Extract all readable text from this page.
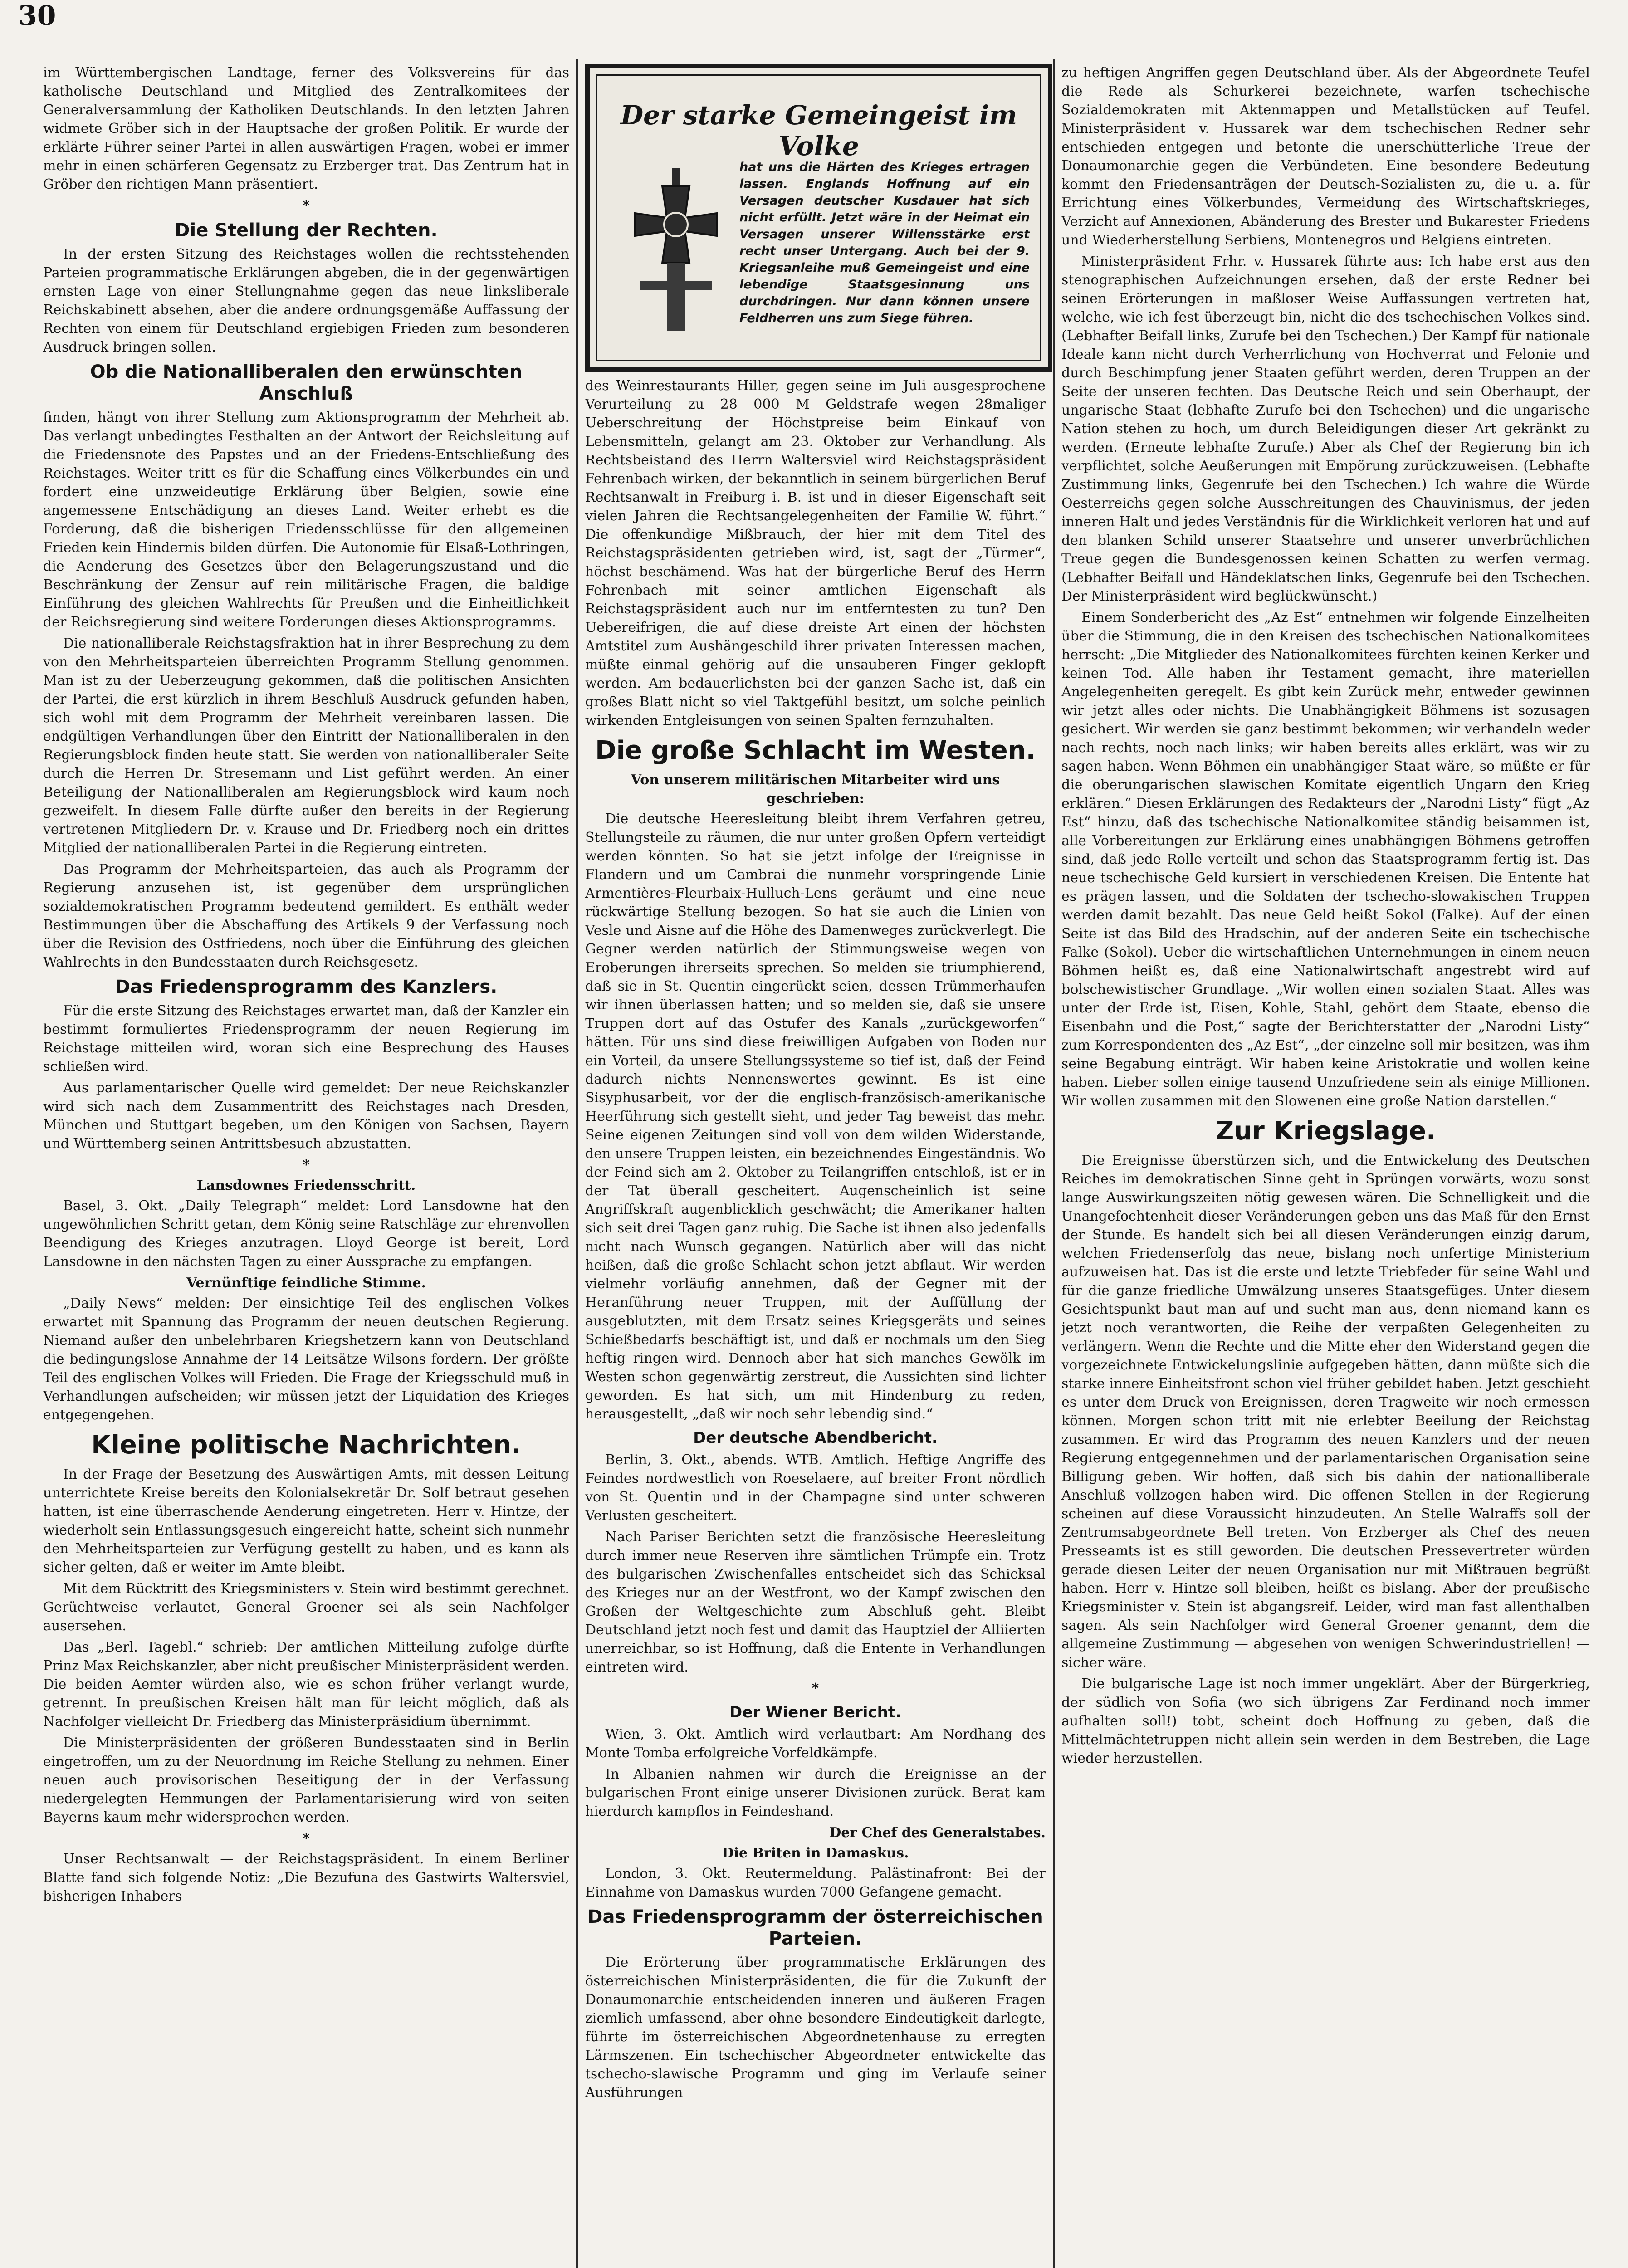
30

im Württembergischen Landtage, ferner des Volksvereins für das katholische Deutschland und Mitglied des Zentralkomitees der Generalversammlung der Katholiken Deutschlands. In den letzten Jahren widmete Gröber sich in der Hauptsache der großen Politik. Er wurde der erklärte Führer seiner Partei in allen auswärtigen Fragen, wobei er immer mehr in einen schärferen Gegensatz zu Erzberger trat. Das Zentrum hat in Gröber den richtigen Mann präsentiert.

*
Die Stellung der Rechten.

In der ersten Sitzung des Reichstages wollen die rechtsstehenden Parteien programmatische Erklärungen abgeben, die in der gegenwärtigen ernsten Lage von einer Stellungnahme gegen das neue linksliberale Reichskabinett absehen, aber die andere ordnungsgemäße Auffassung der Rechten von einem für Deutschland ergiebigen Frieden zum besonderen Ausdruck bringen sollen.

Ob die Nationalliberalen den erwünschten Anschluß

finden, hängt von ihrer Stellung zum Aktionsprogramm der Mehrheit ab. Das verlangt unbedingtes Festhalten an der Antwort der Reichsleitung auf die Friedensnote des Papstes und an der Friedens-Entschließung des Reichstages. Weiter tritt es für die Schaffung eines Völkerbundes ein und fordert eine unzweideutige Erklärung über Belgien, sowie eine angemessene Entschädigung an dieses Land. Weiter erhebt es die Forderung, daß die bisherigen Friedensschlüsse für den allgemeinen Frieden kein Hindernis bilden dürfen. Die Autonomie für Elsaß-Lothringen, die Aenderung des Gesetzes über den Belagerungszustand und die Beschränkung der Zensur auf rein militärische Fragen, die baldige Einführung des gleichen Wahlrechts für Preußen und die Einheitlichkeit der Reichsregierung sind weitere Forderungen dieses Aktionsprogramms.

Die nationalliberale Reichstagsfraktion hat in ihrer Besprechung zu dem von den Mehrheitsparteien überreichten Programm Stellung genommen. Man ist zu der Ueberzeugung gekommen, daß die politischen Ansichten der Partei, die erst kürzlich in ihrem Beschluß Ausdruck gefunden haben, sich wohl mit dem Programm der Mehrheit vereinbaren lassen. Die endgültigen Verhandlungen über den Eintritt der Nationalliberalen in den Regierungsblock finden heute statt. Sie werden von nationalliberaler Seite durch die Herren Dr. Stresemann und List geführt werden. An einer Beteiligung der Nationalliberalen am Regierungsblock wird kaum noch gezweifelt. In diesem Falle dürfte außer den bereits in der Regierung vertretenen Mitgliedern Dr. v. Krause und Dr. Friedberg noch ein drittes Mitglied der nationalliberalen Partei in die Regierung eintreten.

Das Programm der Mehrheitsparteien, das auch als Programm der Regierung anzusehen ist, ist gegenüber dem ursprünglichen sozialdemokratischen Programm bedeutend gemildert. Es enthält weder Bestimmungen über die Abschaffung des Artikels 9 der Verfassung noch über die Revision des Ostfriedens, noch über die Einführung des gleichen Wahlrechts in den Bundesstaaten durch Reichsgesetz.

Das Friedensprogramm des Kanzlers.

Für die erste Sitzung des Reichstages erwartet man, daß der Kanzler ein bestimmt formuliertes Friedensprogramm der neuen Regierung im Reichstage mitteilen wird, woran sich eine Besprechung des Hauses schließen wird.

Aus parlamentarischer Quelle wird gemeldet: Der neue Reichskanzler wird sich nach dem Zusammentritt des Reichstages nach Dresden, München und Stuttgart begeben, um den Königen von Sachsen, Bayern und Württemberg seinen Antrittsbesuch abzustatten.

*
Lansdownes Friedensschritt.

Basel, 3. Okt. „Daily Telegraph“ meldet: Lord Lansdowne hat den ungewöhnlichen Schritt getan, dem König seine Ratschläge zur ehrenvollen Beendigung des Krieges anzutragen. Lloyd George ist bereit, Lord Lansdowne in den nächsten Tagen zu einer Aussprache zu empfangen.

Vernünftige feindliche Stimme.

„Daily News“ melden: Der einsichtige Teil des englischen Volkes erwartet mit Spannung das Programm der neuen deutschen Regierung. Niemand außer den unbelehrbaren Kriegshetzern kann von Deutschland die bedingungslose Annahme der 14 Leitsätze Wilsons fordern. Der größte Teil des englischen Volkes will Frieden. Die Frage der Kriegsschuld muß in Verhandlungen aufscheiden; wir müssen jetzt der Liquidation des Krieges entgegengehen.

Kleine politische Nachrichten.

In der Frage der Besetzung des Auswärtigen Amts, mit dessen Leitung unterrichtete Kreise bereits den Kolonialsekretär Dr. Solf betraut gesehen hatten, ist eine überraschende Aenderung eingetreten. Herr v. Hintze, der wiederholt sein Entlassungsgesuch eingereicht hatte, scheint sich nunmehr den Mehrheitsparteien zur Verfügung gestellt zu haben, und es kann als sicher gelten, daß er weiter im Amte bleibt.

Mit dem Rücktritt des Kriegsministers v. Stein wird bestimmt gerechnet. Gerüchtweise verlautet, General Groener sei als sein Nachfolger ausersehen.

Das „Berl. Tagebl.“ schrieb: Der amtlichen Mitteilung zufolge dürfte Prinz Max Reichskanzler, aber nicht preußischer Ministerpräsident werden. Die beiden Aemter würden also, wie es schon früher verlangt wurde, getrennt. In preußischen Kreisen hält man für leicht möglich, daß als Nachfolger vielleicht Dr. Friedberg das Ministerpräsidium übernimmt.

Die Ministerpräsidenten der größeren Bundesstaaten sind in Berlin eingetroffen, um zu der Neuordnung im Reiche Stellung zu nehmen. Einer neuen auch provisorischen Beseitigung der in der Verfassung niedergelegten Hemmungen der Parlamentarisierung wird von seiten Bayerns kaum mehr widersprochen werden.

*

Unser Rechtsanwalt — der Reichstagspräsident. In einem Berliner Blatte fand sich folgende Notiz: „Die Bezufuna des Gastwirts Waltersviel, bisherigen Inhabers

Der starke Gemeingeist im Volke
hat uns die Härten des Krieges ertragen lassen. Englands Hoffnung auf ein Versagen deutscher Kusdauer hat sich nicht erfüllt. Jetzt wäre in der Heimat ein Versagen unserer Willensstärke erst recht unser Untergang. Auch bei der 9. Kriegsanleihe muß Gemeingeist und eine lebendige Staatsgesinnung uns durchdringen. Nur dann können unsere Feldherren uns zum Siege führen.

des Weinrestaurants Hiller, gegen seine im Juli ausgesprochene Verurteilung zu 28 000 M Geldstrafe wegen 28maliger Ueberschreitung der Höchstpreise beim Einkauf von Lebensmitteln, gelangt am 23. Oktober zur Verhandlung. Als Rechtsbeistand des Herrn Waltersviel wird Reichstagspräsident Fehrenbach wirken, der bekanntlich in seinem bürgerlichen Beruf Rechtsanwalt in Freiburg i. B. ist und in dieser Eigenschaft seit vielen Jahren die Rechtsangelegenheiten der Familie W. führt.“ Die offenkundige Mißbrauch, der hier mit dem Titel des Reichstagspräsidenten getrieben wird, ist, sagt der „Türmer“, höchst beschämend. Was hat der bürgerliche Beruf des Herrn Fehrenbach mit seiner amtlichen Eigenschaft als Reichstagspräsident auch nur im entferntesten zu tun? Den Uebereifrigen, die auf diese dreiste Art einen der höchsten Amtstitel zum Aushängeschild ihrer privaten Interessen machen, müßte einmal gehörig auf die unsauberen Finger geklopft werden. Am bedauerlichsten bei der ganzen Sache ist, daß ein großes Blatt nicht so viel Taktgefühl besitzt, um solche peinlich wirkenden Entgleisungen von seinen Spalten fernzuhalten.

Die große Schlacht im Westen.
Von unserem militärischen Mitarbeiter wird uns geschrieben:

Die deutsche Heeresleitung bleibt ihrem Verfahren getreu, Stellungsteile zu räumen, die nur unter großen Opfern verteidigt werden könnten. So hat sie jetzt infolge der Ereignisse in Flandern und um Cambrai die nunmehr vorspringende Linie Armentières-Fleurbaix-Hulluch-Lens geräumt und eine neue rückwärtige Stellung bezogen. So hat sie auch die Linien von Vesle und Aisne auf die Höhe des Damenweges zurückverlegt. Die Gegner werden natürlich der Stimmungsweise wegen von Eroberungen ihrerseits sprechen. So melden sie triumphierend, daß sie in St. Quentin eingerückt seien, dessen Trümmerhaufen wir ihnen überlassen hatten; und so melden sie, daß sie unsere Truppen dort auf das Ostufer des Kanals „zurückgeworfen“ hätten. Für uns sind diese freiwilligen Aufgaben von Boden nur ein Vorteil, da unsere Stellungssysteme so tief ist, daß der Feind dadurch nichts Nennenswertes gewinnt. Es ist eine Sisyphusarbeit, vor der die englisch-französisch-amerikanische Heerführung sich gestellt sieht, und jeder Tag beweist das mehr. Seine eigenen Zeitungen sind voll von dem wilden Widerstande, den unsere Truppen leisten, ein bezeichnendes Eingeständnis. Wo der Feind sich am 2. Oktober zu Teilangriffen entschloß, ist er in der Tat überall gescheitert. Augenscheinlich ist seine Angriffskraft augenblicklich geschwächt; die Amerikaner halten sich seit drei Tagen ganz ruhig. Die Sache ist ihnen also jedenfalls nicht nach Wunsch gegangen. Natürlich aber will das nicht heißen, daß die große Schlacht schon jetzt abflaut. Wir werden vielmehr vorläufig annehmen, daß der Gegner mit der Heranführung neuer Truppen, mit der Auffüllung der ausgeblutzten, mit dem Ersatz seines Kriegsgeräts und seines Schießbedarfs beschäftigt ist, und daß er nochmals um den Sieg heftig ringen wird. Dennoch aber hat sich manches Gewölk im Westen schon gegenwärtig zerstreut, die Aussichten sind lichter geworden. Es hat sich, um mit Hindenburg zu reden, herausgestellt, „daß wir noch sehr lebendig sind.“

Der deutsche Abendbericht.

Berlin, 3. Okt., abends. WTB. Amtlich. Heftige Angriffe des Feindes nordwestlich von Roeselaere, auf breiter Front nördlich von St. Quentin und in der Champagne sind unter schweren Verlusten gescheitert.

Nach Pariser Berichten setzt die französische Heeresleitung durch immer neue Reserven ihre sämtlichen Trümpfe ein. Trotz des bulgarischen Zwischenfalles entscheidet sich das Schicksal des Krieges nur an der Westfront, wo der Kampf zwischen den Großen der Weltgeschichte zum Abschluß geht. Bleibt Deutschland jetzt noch fest und damit das Hauptziel der Alliierten unerreichbar, so ist Hoffnung, daß die Entente in Verhandlungen eintreten wird.

*
Der Wiener Bericht.

Wien, 3. Okt. Amtlich wird verlautbart: Am Nordhang des Monte Tomba erfolgreiche Vorfeldkämpfe.

In Albanien nahmen wir durch die Ereignisse an der bulgarischen Front einige unserer Divisionen zurück. Berat kam hierdurch kampflos in Feindeshand.

Der Chef des Generalstabes.
Die Briten in Damaskus.

London, 3. Okt. Reutermeldung. Palästinafront: Bei der Einnahme von Damaskus wurden 7000 Gefangene gemacht.

Das Friedensprogramm der österreichischen Parteien.

Die Erörterung über programmatische Erklärungen des österreichischen Ministerpräsidenten, die für die Zukunft der Donaumonarchie entscheidenden inneren und äußeren Fragen ziemlich umfassend, aber ohne besondere Eindeutigkeit darlegte, führte im österreichischen Abgeordnetenhause zu erregten Lärmszenen. Ein tschechischer Abgeordneter entwickelte das tschecho-slawische Programm und ging im Verlaufe seiner Ausführungen

zu heftigen Angriffen gegen Deutschland über. Als der Abgeordnete Teufel die Rede als Schurkerei bezeichnete, warfen tschechische Sozialdemokraten mit Aktenmappen und Metallstücken auf Teufel. Ministerpräsident v. Hussarek war dem tschechischen Redner sehr entschieden entgegen und betonte die unerschütterliche Treue der Donaumonarchie gegen die Verbündeten. Eine besondere Bedeutung kommt den Friedensanträgen der Deutsch-Sozialisten zu, die u. a. für Errichtung eines Völkerbundes, Vermeidung des Wirtschaftskrieges, Verzicht auf Annexionen, Abänderung des Brester und Bukarester Friedens und Wiederherstellung Serbiens, Montenegros und Belgiens eintreten.

Ministerpräsident Frhr. v. Hussarek führte aus: Ich habe erst aus den stenographischen Aufzeichnungen ersehen, daß der erste Redner bei seinen Erörterungen in maßloser Weise Auffassungen vertreten hat, welche, wie ich fest überzeugt bin, nicht die des tschechischen Volkes sind. (Lebhafter Beifall links, Zurufe bei den Tschechen.) Der Kampf für nationale Ideale kann nicht durch Verherrlichung von Hochverrat und Felonie und durch Beschimpfung jener Staaten geführt werden, deren Truppen an der Seite der unseren fechten. Das Deutsche Reich und sein Oberhaupt, der ungarische Staat (lebhafte Zurufe bei den Tschechen) und die ungarische Nation stehen zu hoch, um durch Beleidigungen dieser Art gekränkt zu werden. (Erneute lebhafte Zurufe.) Aber als Chef der Regierung bin ich verpflichtet, solche Aeußerungen mit Empörung zurückzuweisen. (Lebhafte Zustimmung links, Gegenrufe bei den Tschechen.) Ich wahre die Würde Oesterreichs gegen solche Ausschreitungen des Chauvinismus, der jeden inneren Halt und jedes Verständnis für die Wirklichkeit verloren hat und auf den blanken Schild unserer Staatsehre und unserer unverbrüchlichen Treue gegen die Bundesgenossen keinen Schatten zu werfen vermag. (Lebhafter Beifall und Händeklatschen links, Gegenrufe bei den Tschechen. Der Ministerpräsident wird beglückwünscht.)

Einem Sonderbericht des „Az Est“ entnehmen wir folgende Einzelheiten über die Stimmung, die in den Kreisen des tschechischen Nationalkomitees herrscht: „Die Mitglieder des Nationalkomitees fürchten keinen Kerker und keinen Tod. Alle haben ihr Testament gemacht, ihre materiellen Angelegenheiten geregelt. Es gibt kein Zurück mehr, entweder gewinnen wir jetzt alles oder nichts. Die Unabhängigkeit Böhmens ist sozusagen gesichert. Wir werden sie ganz bestimmt bekommen; wir verhandeln weder nach rechts, noch nach links; wir haben bereits alles erklärt, was wir zu sagen haben. Wenn Böhmen ein unabhängiger Staat wäre, so müßte er für die oberungarischen slawischen Komitate eigentlich Ungarn den Krieg erklären.“ Diesen Erklärungen des Redakteurs der „Narodni Listy“ fügt „Az Est“ hinzu, daß das tschechische Nationalkomitee ständig beisammen ist, alle Vorbereitungen zur Erklärung eines unabhängigen Böhmens getroffen sind, daß jede Rolle verteilt und schon das Staatsprogramm fertig ist. Das neue tschechische Geld kursiert in verschiedenen Kreisen. Die Entente hat es prägen lassen, und die Soldaten der tschecho-slowakischen Truppen werden damit bezahlt. Das neue Geld heißt Sokol (Falke). Auf der einen Seite ist das Bild des Hradschin, auf der anderen Seite ein tschechische Falke (Sokol). Ueber die wirtschaftlichen Unternehmungen in einem neuen Böhmen heißt es, daß eine Nationalwirtschaft angestrebt wird auf bolschewistischer Grundlage. „Wir wollen einen sozialen Staat. Alles was unter der Erde ist, Eisen, Kohle, Stahl, gehört dem Staate, ebenso die Eisenbahn und die Post,“ sagte der Berichterstatter der „Narodni Listy“ zum Korrespondenten des „Az Est“, „der einzelne soll mir besitzen, was ihm seine Begabung einträgt. Wir haben keine Aristokratie und wollen keine haben. Lieber sollen einige tausend Unzufriedene sein als einige Millionen. Wir wollen zusammen mit den Slowenen eine große Nation darstellen.“

Zur Kriegslage.

Die Ereignisse überstürzen sich, und die Entwickelung des Deutschen Reiches im demokratischen Sinne geht in Sprüngen vorwärts, wozu sonst lange Auswirkungszeiten nötig gewesen wären. Die Schnelligkeit und die Unangefochtenheit dieser Veränderungen geben uns das Maß für den Ernst der Stunde. Es handelt sich bei all diesen Veränderungen einzig darum, welchen Friedenserfolg das neue, bislang noch unfertige Ministerium aufzuweisen hat. Das ist die erste und letzte Triebfeder für seine Wahl und für die ganze friedliche Umwälzung unseres Staatsgefüges. Unter diesem Gesichtspunkt baut man auf und sucht man aus, denn niemand kann es jetzt noch verantworten, die Reihe der verpaßten Gelegenheiten zu verlängern. Wenn die Rechte und die Mitte eher den Widerstand gegen die vorgezeichnete Entwickelungslinie aufgegeben hätten, dann müßte sich die starke innere Einheitsfront schon viel früher gebildet haben. Jetzt geschieht es unter dem Druck von Ereignissen, deren Tragweite wir noch ermessen können. Morgen schon tritt mit nie erlebter Beeilung der Reichstag zusammen. Er wird das Programm des neuen Kanzlers und der neuen Regierung entgegennehmen und der parlamentarischen Organisation seine Billigung geben. Wir hoffen, daß sich bis dahin der nationalliberale Anschluß vollzogen haben wird. Die offenen Stellen in der Regierung scheinen auf diese Voraussicht hinzudeuten. An Stelle Walraffs soll der Zentrumsabgeordnete Bell treten. Von Erzberger als Chef des neuen Presseamts ist es still geworden. Die deutschen Pressevertreter würden gerade diesen Leiter der neuen Organisation nur mit Mißtrauen begrüßt haben. Herr v. Hintze soll bleiben, heißt es bislang. Aber der preußische Kriegsminister v. Stein ist abgangsreif. Leider, wird man fast allenthalben sagen. Als sein Nachfolger wird General Groener genannt, dem die allgemeine Zustimmung — abgesehen von wenigen Schwerindustriellen! — sicher wäre.

Die bulgarische Lage ist noch immer ungeklärt. Aber der Bürgerkrieg, der südlich von Sofia (wo sich übrigens Zar Ferdinand noch immer aufhalten soll!) tobt, scheint doch Hoffnung zu geben, daß die Mittelmächtetruppen nicht allein sein werden in dem Bestreben, die Lage wieder herzustellen.
